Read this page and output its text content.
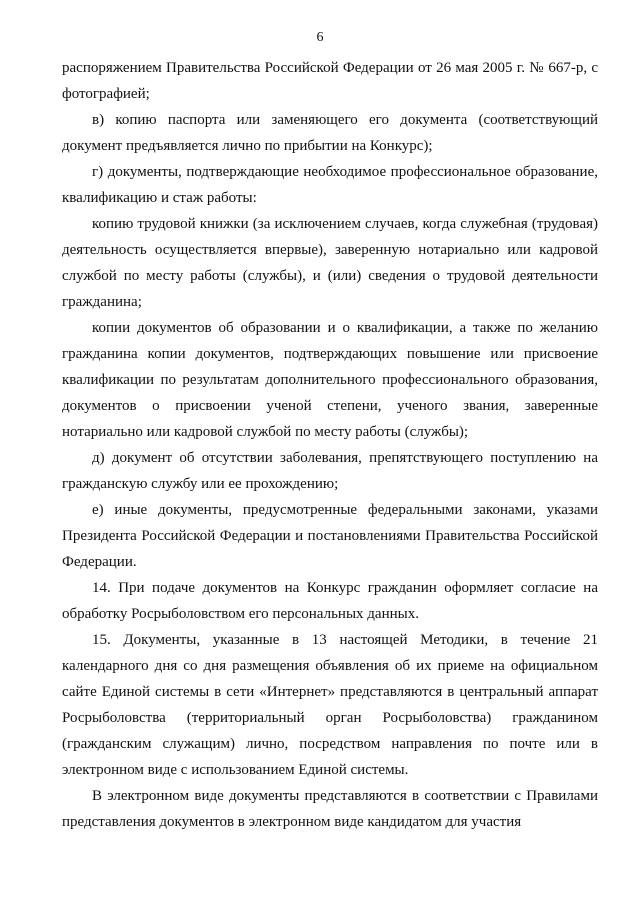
6

распоряжением Правительства Российской Федерации от 26 мая 2005 г. № 667-р, с фотографией;

в) копию паспорта или заменяющего его документа (соответствующий документ предъявляется лично по прибытии на Конкурс);

г) документы, подтверждающие необходимое профессиональное образование, квалификацию и стаж работы:

копию трудовой книжки (за исключением случаев, когда служебная (трудовая) деятельность осуществляется впервые), заверенную нотариально или кадровой службой по месту работы (службы), и (или) сведения о трудовой деятельности гражданина;

копии документов об образовании и о квалификации, а также по желанию гражданина копии документов, подтверждающих повышение или присвоение квалификации по результатам дополнительного профессионального образования, документов о присвоении ученой степени, ученого звания, заверенные нотариально или кадровой службой по месту работы (службы);

д) документ об отсутствии заболевания, препятствующего поступлению на гражданскую службу или ее прохождению;

е) иные документы, предусмотренные федеральными законами, указами Президента Российской Федерации и постановлениями Правительства Российской Федерации.

14. При подаче документов на Конкурс гражданин оформляет согласие на обработку Росрыболовством его персональных данных.

15. Документы, указанные в 13 настоящей Методики, в течение 21 календарного дня со дня размещения объявления об их приеме на официальном сайте Единой системы в сети «Интернет» представляются в центральный аппарат Росрыболовства (территориальный орган Росрыболовства) гражданином (гражданским служащим) лично, посредством направления по почте или в электронном виде с использованием Единой системы.

В электронном виде документы представляются в соответствии с Правилами представления документов в электронном виде кандидатом для участия
